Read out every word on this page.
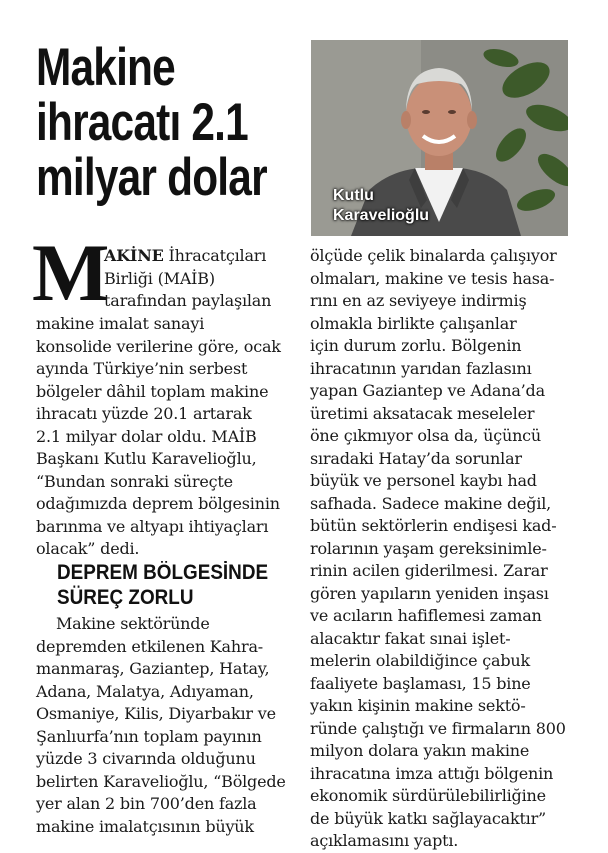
Makine
ihracatı 2.1
milyar dolar	Kutlu
Karavelioğlu

M
AKİNE İhracatçıları
Birliği (MAİB)
tarafından paylaşılan
makine imalat sanayi
konsolide verilerine göre, ocak
ayında Türkiye’nin serbest
bölgeler dâhil toplam makine
ihracatı yüzde 20.1 artarak
2.1 milyar dolar oldu. MAİB
Başkanı Kutlu Karavelioğlu,
“Bundan sonraki süreçte
odağımızda deprem bölgesinin
barınma ve altyapı ihtiyaçları
olacak” dedi.
DEPREM BÖLGESİNDE
SÜREÇ ZORLU
Makine sektöründe
depremden etkilenen Kahra-
manmaraş, Gaziantep, Hatay,
Adana, Malatya, Adıyaman,
Osmaniye, Kilis, Diyarbakır ve
Şanlıurfa’nın toplam payının
yüzde 3 civarında olduğunu
belirten Karavelioğlu, “Bölgede
yer alan 2 bin 700’den fazla
makine imalatçısının büyük
ölçüde çelik binalarda çalışıyor
olmaları, makine ve tesis hasa-
rını en az seviyeye indirmiş
olmakla birlikte çalışanlar
için durum zorlu. Bölgenin
ihracatının yarıdan fazlasını
yapan Gaziantep ve Adana’da
üretimi aksatacak meseleler
öne çıkmıyor olsa da, üçüncü
sıradaki Hatay’da sorunlar
büyük ve personel kaybı had
safhada. Sadece makine değil,
bütün sektörlerin endişesi kad-
rolarının yaşam gereksinimle-
rinin acilen giderilmesi. Zarar
gören yapıların yeniden inşası
ve acıların hafiflemesi zaman
alacaktır fakat sınai işlet-
melerin olabildiğince çabuk
faaliyete başlaması, 15 bine
yakın kişinin makine sektö-
ründe çalıştığı ve firmaların 800
milyon dolara yakın makine
ihracatına imza attığı bölgenin
ekonomik sürdürülebilirliğine
de büyük katkı sağlayacaktır”
açıklamasını yaptı.
